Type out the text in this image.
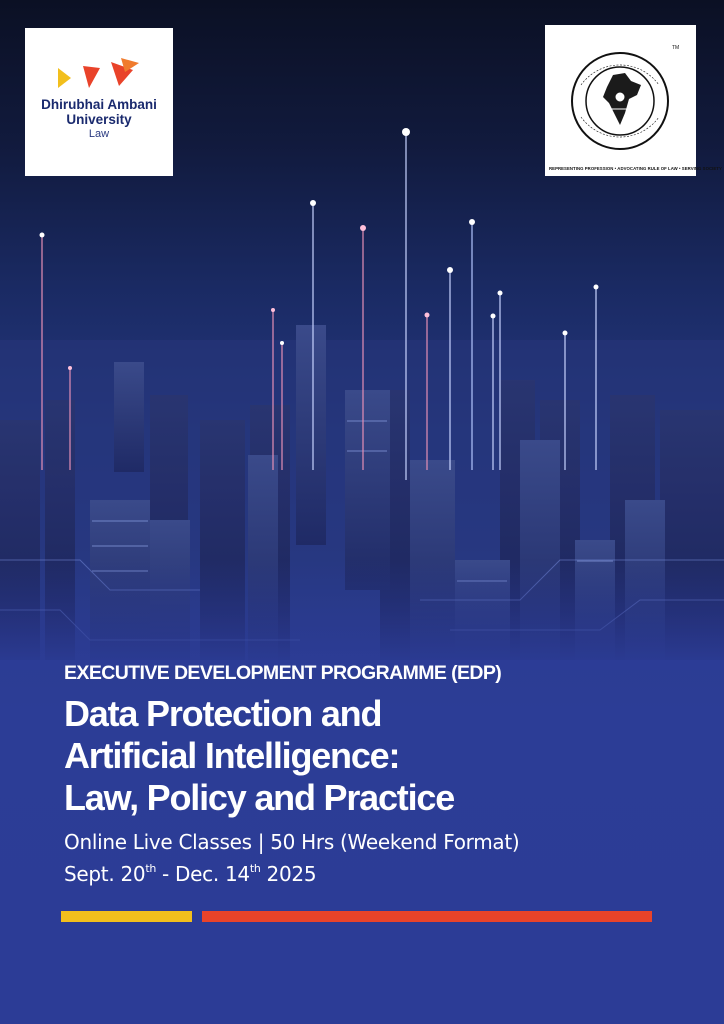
Dhirubhai Ambani
University
Law
TM
REPRESENTING PROFESSION • ADVOCATING RULE OF LAW • SERVING SOCIETY
EXECUTIVE DEVELOPMENT PROGRAMME (EDP)
Data Protection and
Artificial Intelligence:
Law, Policy and Practice
Online Live Classes | 50 Hrs (Weekend Format)
Sept. 20th - Dec. 14th 2025
